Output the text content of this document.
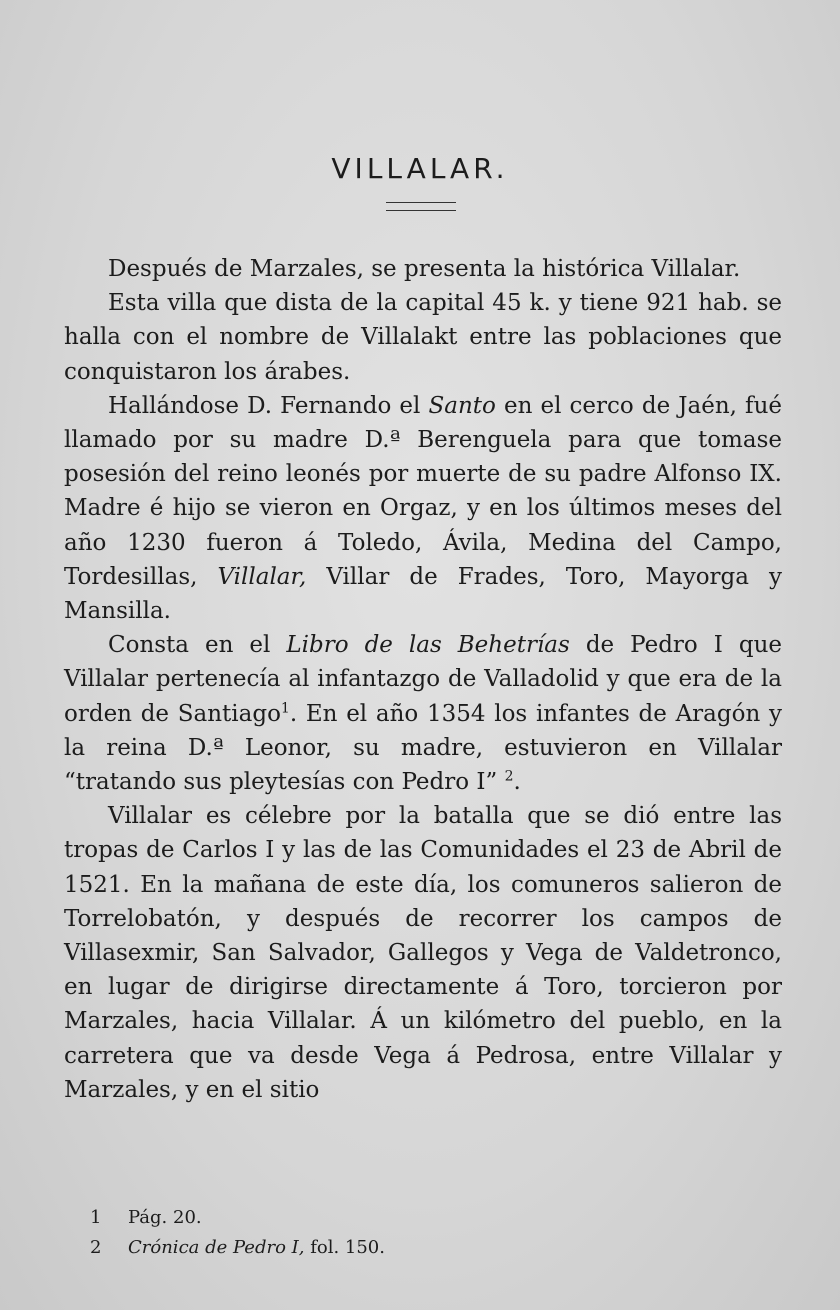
VILLALAR.

Después de Marzales, se presenta la histórica Villalar.

Esta villa que dista de la capital 45 k. y tiene 921 hab. se halla con el nombre de Villalakt entre las poblaciones que conquistaron los árabes.

Hallándose D. Fernando el Santo en el cerco de Jaén, fué llamado por su madre D.ª Berenguela para que tomase posesión del reino leonés por muerte de su padre Alfonso IX. Madre é hijo se vieron en Orgaz, y en los últimos meses del año 1230 fueron á Toledo, Ávila, Medina del Campo, Tordesillas, Villalar, Villar de Frades, Toro, Mayorga y Mansilla.

Consta en el Libro de las Behetrías de Pedro I que Villalar pertenecía al infantazgo de Valladolid y que era de la orden de Santiago$^1$. En el año 1354 los infantes de Aragón y la reina D.ª Leonor, su madre, estuvieron en Villalar “tratando sus pleytesías con Pedro I” $^2$.

Villalar es célebre por la batalla que se dió entre las tropas de Carlos I y las de las Comunidades el 23 de Abril de 1521. En la mañana de este día, los comuneros salieron de Torrelobatón, y después de recorrer los campos de Villasexmir, San Salvador, Gallegos y Vega de Valdetronco, en lugar de dirigirse directamente á Toro, torcieron por Marzales, hacia Villalar. Á un kilómetro del pueblo, en la carretera que va desde Vega á Pedrosa, entre Villalar y Marzales, y en el sitio

1 Pág. 20.

2 Crónica de Pedro I, fol. 150.
